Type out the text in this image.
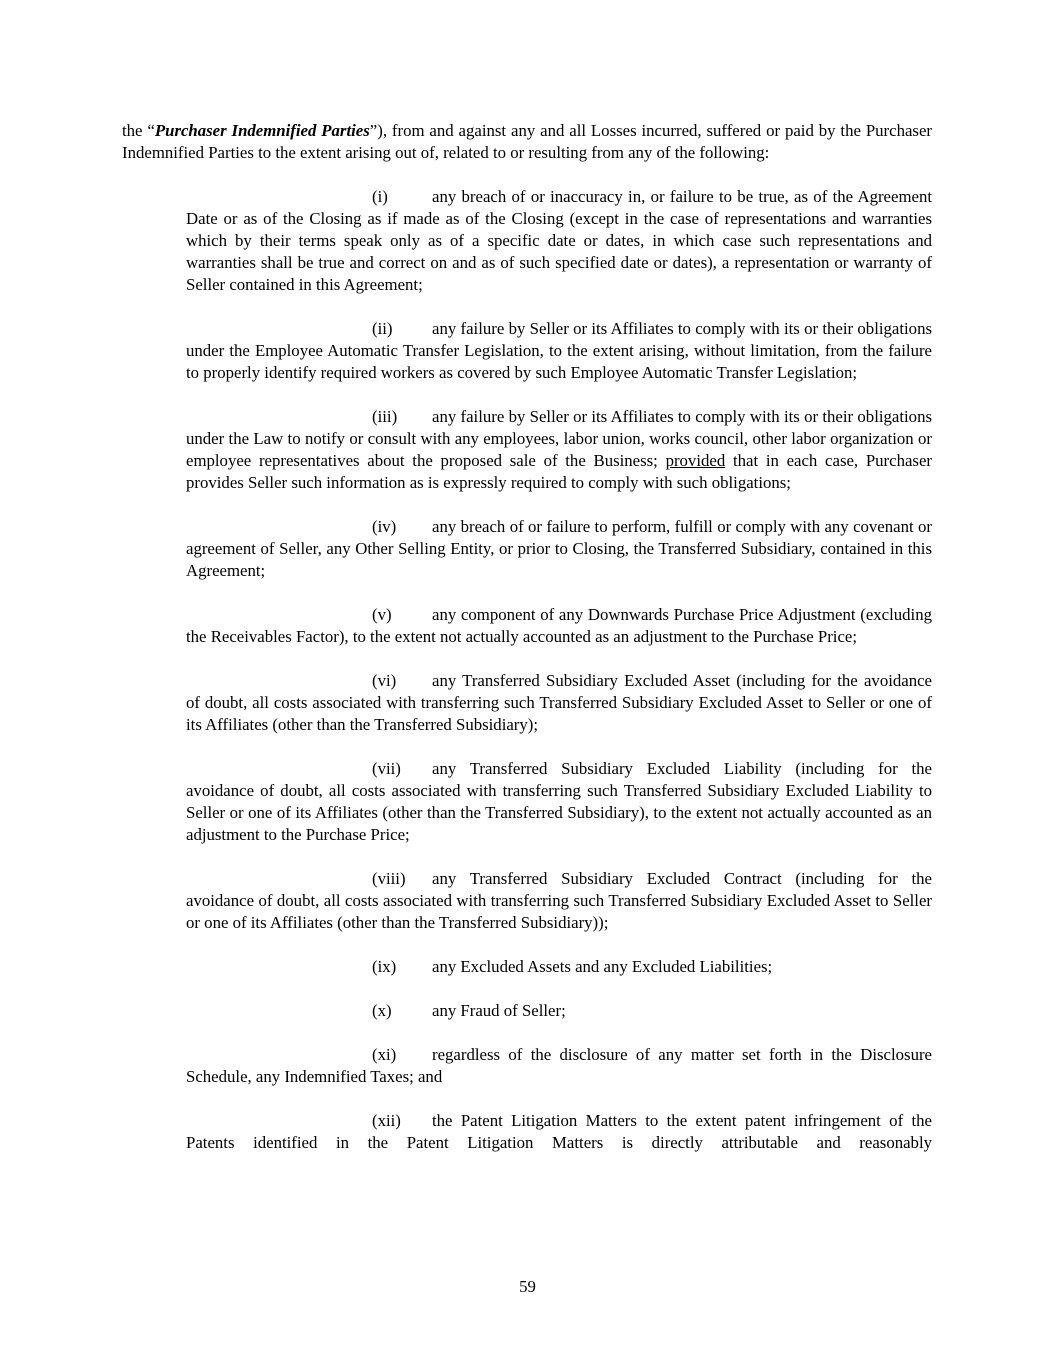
the “Purchaser Indemnified Parties”), from and against any and all Losses incurred, suffered or paid by the Purchaser Indemnified Parties to the extent arising out of, related to or resulting from any of the following:

(i)	any breach of or inaccuracy in, or failure to be true, as of the Agreement Date or as of the Closing as if made as of the Closing (except in the case of representations and warranties which by their terms speak only as of a specific date or dates, in which case such representations and warranties shall be true and correct on and as of such specified date or dates), a representation or warranty of Seller contained in this Agreement;

(ii) any failure by Seller or its Affiliates to comply with its or their obligations under the Employee Automatic Transfer Legislation, to the extent arising, without limitation, from the failure to properly identify required workers as covered by such Employee Automatic Transfer Legislation;

(iii) any failure by Seller or its Affiliates to comply with its or their obligations under the Law to notify or consult with any employees, labor union, works council, other labor organization or employee representatives about the proposed sale of the Business; provided that in each case, Purchaser provides Seller such information as is expressly required to comply with such obligations;

(iv) any breach of or failure to perform, fulfill or comply with any covenant or agreement of Seller, any Other Selling Entity, or prior to Closing, the Transferred Subsidiary, contained in this Agreement;

(v) any component of any Downwards Purchase Price Adjustment (excluding the Receivables Factor), to the extent not actually accounted as an adjustment to the Purchase Price;

(vi) any Transferred Subsidiary Excluded Asset (including for the avoidance of doubt, all costs associated with transferring such Transferred Subsidiary Excluded Asset to Seller or one of its Affiliates (other than the Transferred Subsidiary);

(vii) any Transferred Subsidiary Excluded Liability (including for the avoidance of doubt, all costs associated with transferring such Transferred Subsidiary Excluded Liability to Seller or one of its Affiliates (other than the Transferred Subsidiary), to the extent not actually accounted as an adjustment to the Purchase Price;

(viii) any Transferred Subsidiary Excluded Contract (including for the avoidance of doubt, all costs associated with transferring such Transferred Subsidiary Excluded Asset to Seller or one of its Affiliates (other than the Transferred Subsidiary));

(ix) any Excluded Assets and any Excluded Liabilities;

(x) any Fraud of Seller;

(xi) regardless of the disclosure of any matter set forth in the Disclosure Schedule, any Indemnified Taxes; and

(xii) the Patent Litigation Matters to the extent patent infringement of the Patents identified in the Patent Litigation Matters is directly attributable and reasonably

59
